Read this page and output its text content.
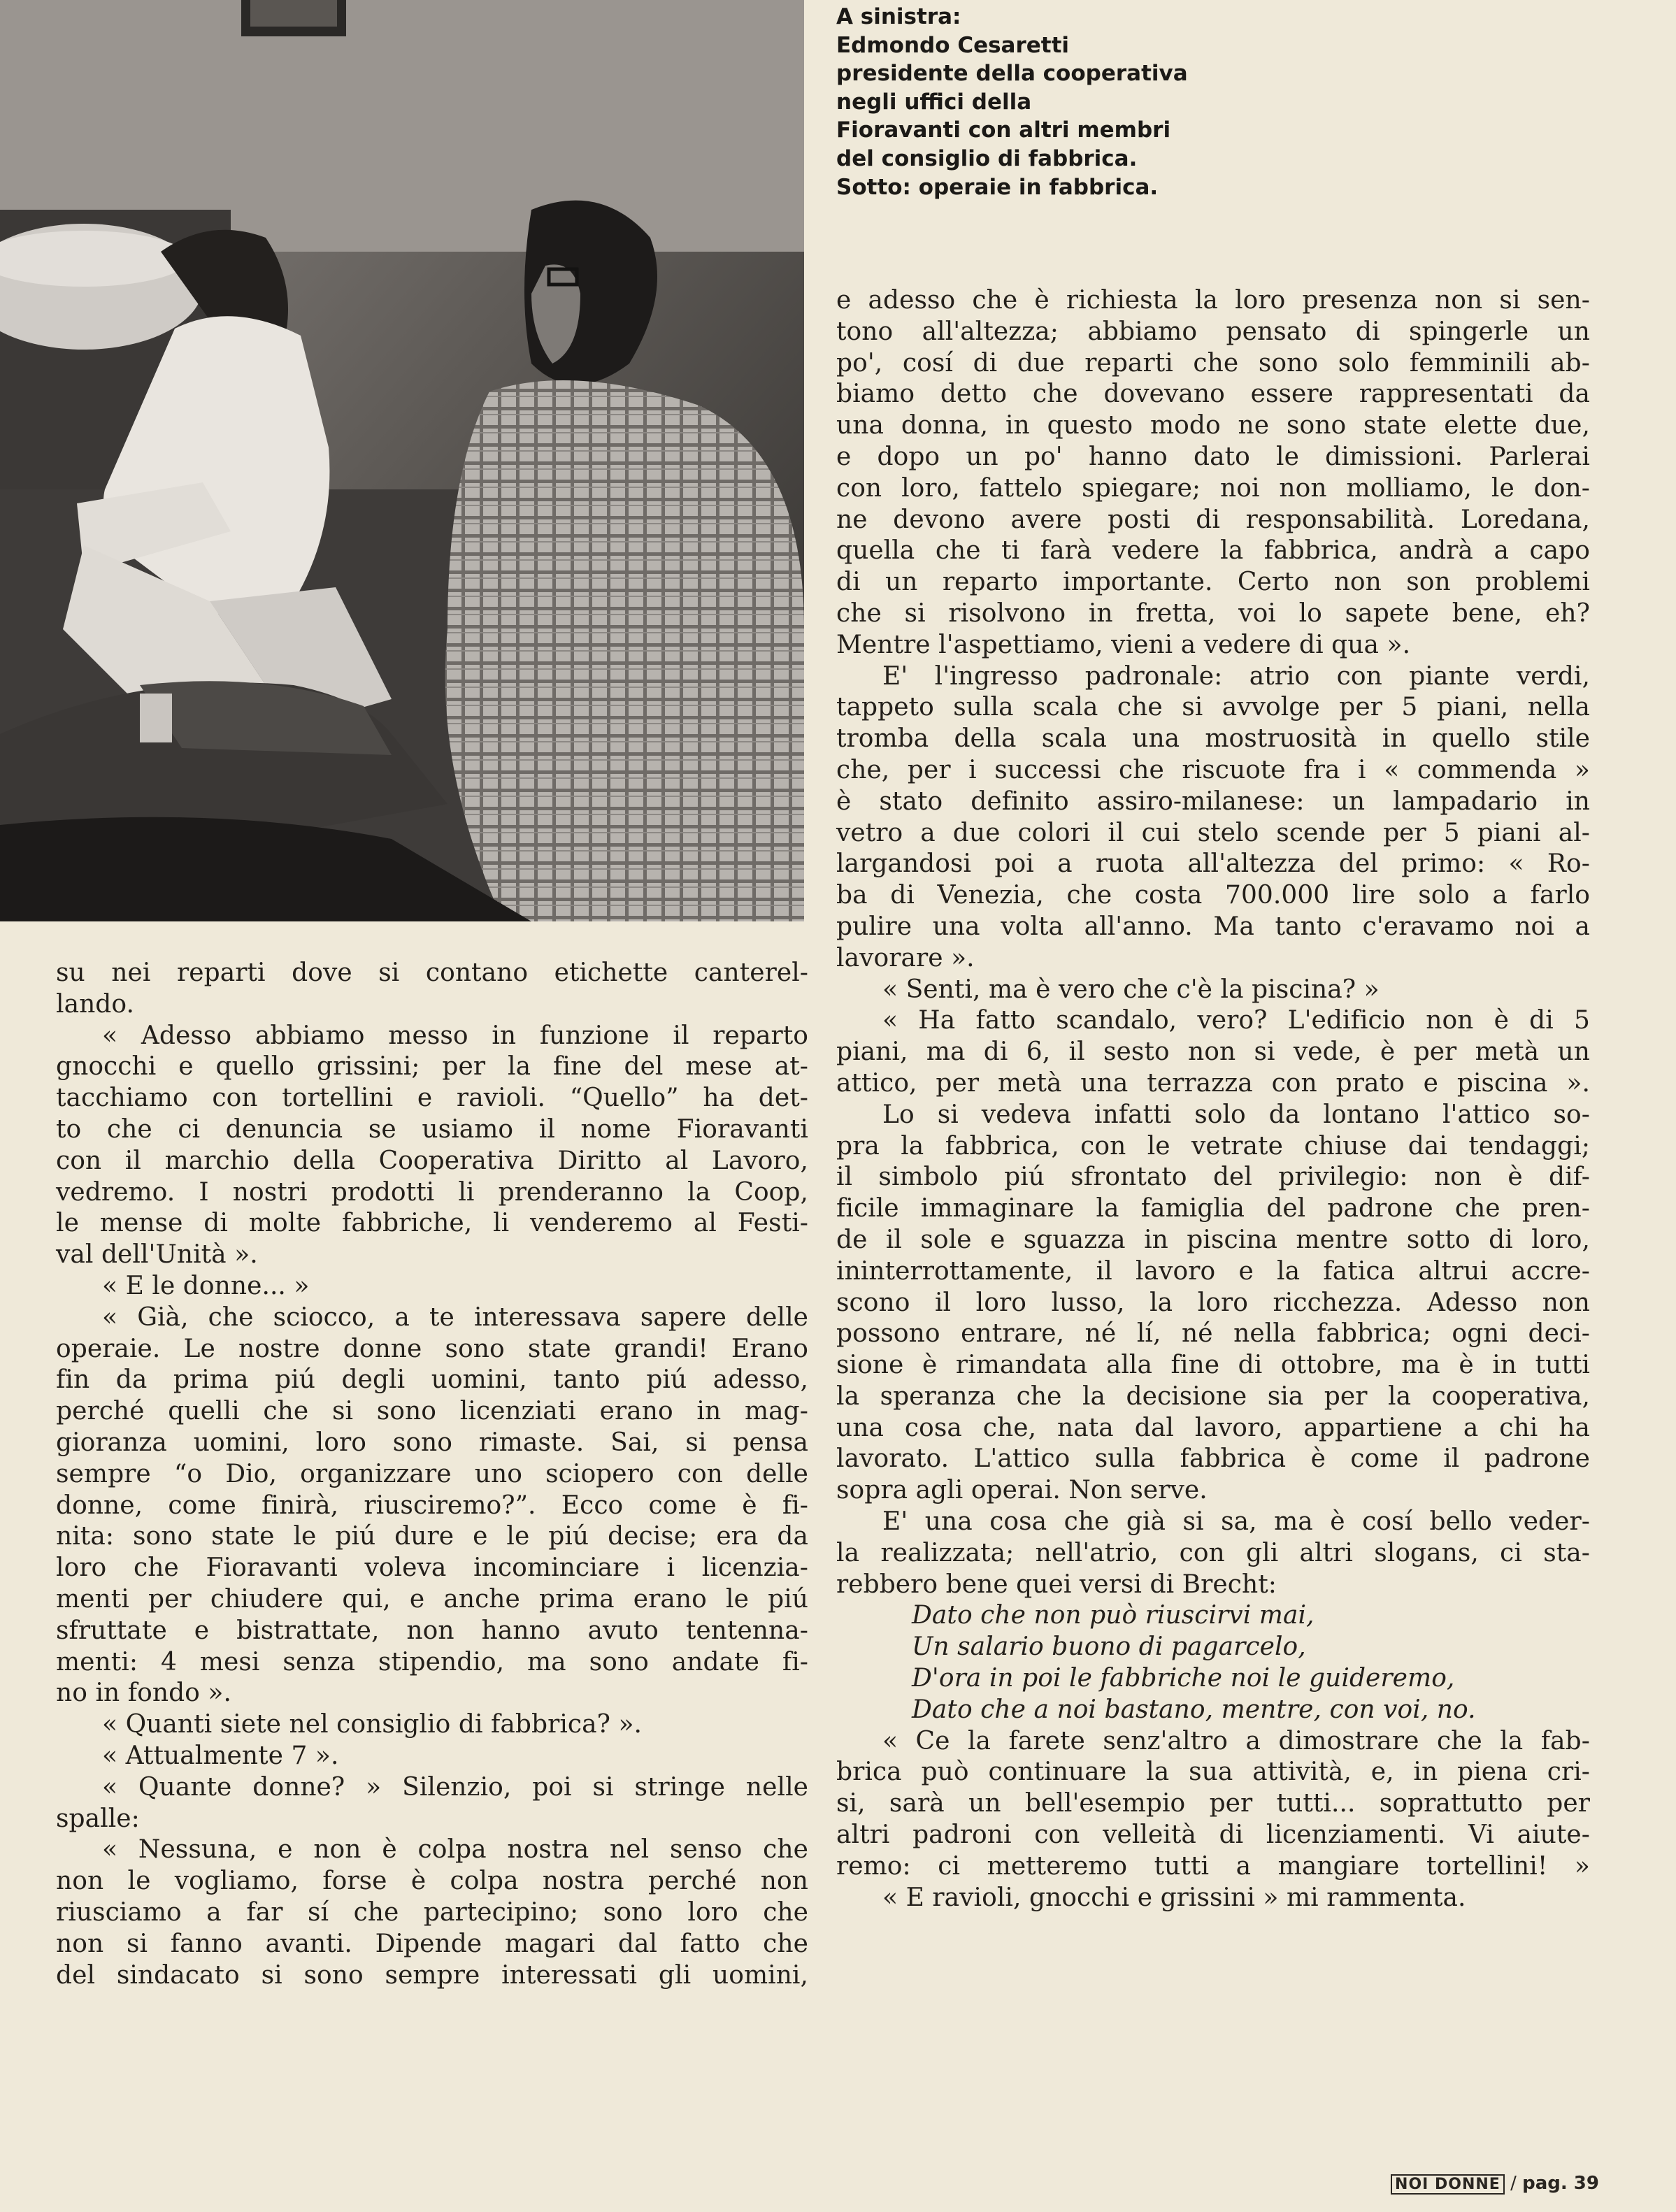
A sinistra:
Edmondo Cesaretti
presidente della cooperativa
negli uffici della
Fioravanti con altri membri
del consiglio di fabbrica.
Sotto: operaie in fabbrica.
e adesso che è richiesta la loro presenza non si sen-
tono all'altezza; abbiamo pensato di spingerle un
po', cosí di due reparti che sono solo femminili ab-
biamo detto che dovevano essere rappresentati da
una donna, in questo modo ne sono state elette due,
e dopo un po' hanno dato le dimissioni. Parlerai
con loro, fattelo spiegare; noi non molliamo, le don-
ne devono avere posti di responsabilità. Loredana,
quella che ti farà vedere la fabbrica, andrà a capo
di un reparto importante. Certo non son problemi
che si risolvono in fretta, voi lo sapete bene, eh?
Mentre l'aspettiamo, vieni a vedere di qua ».
E' l'ingresso padronale: atrio con piante verdi,
tappeto sulla scala che si avvolge per 5 piani, nella
tromba della scala una mostruosità in quello stile
che, per i successi che riscuote fra i « commenda »
è stato definito assiro-milanese: un lampadario in
vetro a due colori il cui stelo scende per 5 piani al-
largandosi poi a ruota all'altezza del primo: « Ro-
ba di Venezia, che costa 700.000 lire solo a farlo
pulire una volta all'anno. Ma tanto c'eravamo noi a
lavorare ».
« Senti, ma è vero che c'è la piscina? »
« Ha fatto scandalo, vero? L'edificio non è di 5
piani, ma di 6, il sesto non si vede, è per metà un
attico, per metà una terrazza con prato e piscina ».
Lo si vedeva infatti solo da lontano l'attico so-
pra la fabbrica, con le vetrate chiuse dai tendaggi;
il simbolo piú sfrontato del privilegio: non è dif-
ficile immaginare la famiglia del padrone che pren-
de il sole e sguazza in piscina mentre sotto di loro,
ininterrottamente, il lavoro e la fatica altrui accre-
scono il loro lusso, la loro ricchezza. Adesso non
possono entrare, né lí, né nella fabbrica; ogni deci-
sione è rimandata alla fine di ottobre, ma è in tutti
la speranza che la decisione sia per la cooperativa,
una cosa che, nata dal lavoro, appartiene a chi ha
lavorato. L'attico sulla fabbrica è come il padrone
sopra agli operai. Non serve.
E' una cosa che già si sa, ma è cosí bello veder-
la realizzata; nell'atrio, con gli altri slogans, ci sta-
rebbero bene quei versi di Brecht:
Dato che non può riuscirvi mai,
Un salario buono di pagarcelo,
D'ora in poi le fabbriche noi le guideremo,
Dato che a noi bastano, mentre, con voi, no.
« Ce la farete senz'altro a dimostrare che la fab-
brica può continuare la sua attività, e, in piena cri-
si, sarà un bell'esempio per tutti... soprattutto per
altri padroni con velleità di licenziamenti. Vi aiute-
remo: ci metteremo tutti a mangiare tortellini! »
« E ravioli, gnocchi e grissini » mi rammenta.
su nei reparti dove si contano etichette canterel-
lando.
« Adesso abbiamo messo in funzione il reparto
gnocchi e quello grissini; per la fine del mese at-
tacchiamo con tortellini e ravioli. “Quello” ha det-
to che ci denuncia se usiamo il nome Fioravanti
con il marchio della Cooperativa Diritto al Lavoro,
vedremo. I nostri prodotti li prenderanno la Coop,
le mense di molte fabbriche, li venderemo al Festi-
val dell'Unità ».
« E le donne... »
« Già, che sciocco, a te interessava sapere delle
operaie. Le nostre donne sono state grandi! Erano
fin da prima piú degli uomini, tanto piú adesso,
perché quelli che si sono licenziati erano in mag-
gioranza uomini, loro sono rimaste. Sai, si pensa
sempre “o Dio, organizzare uno sciopero con delle
donne, come finirà, riusciremo?”. Ecco come è fi-
nita: sono state le piú dure e le piú decise; era da
loro che Fioravanti voleva incominciare i licenzia-
menti per chiudere qui, e anche prima erano le piú
sfruttate e bistrattate, non hanno avuto tentenna-
menti: 4 mesi senza stipendio, ma sono andate fi-
no in fondo ».
« Quanti siete nel consiglio di fabbrica? ».
« Attualmente 7 ».
« Quante donne? » Silenzio, poi si stringe nelle
spalle:
« Nessuna, e non è colpa nostra nel senso che
non le vogliamo, forse è colpa nostra perché non
riusciamo a far sí che partecipino; sono loro che
non si fanno avanti. Dipende magari dal fatto che
del sindacato si sono sempre interessati gli uomini,
NOI DONNE / pag. 39
